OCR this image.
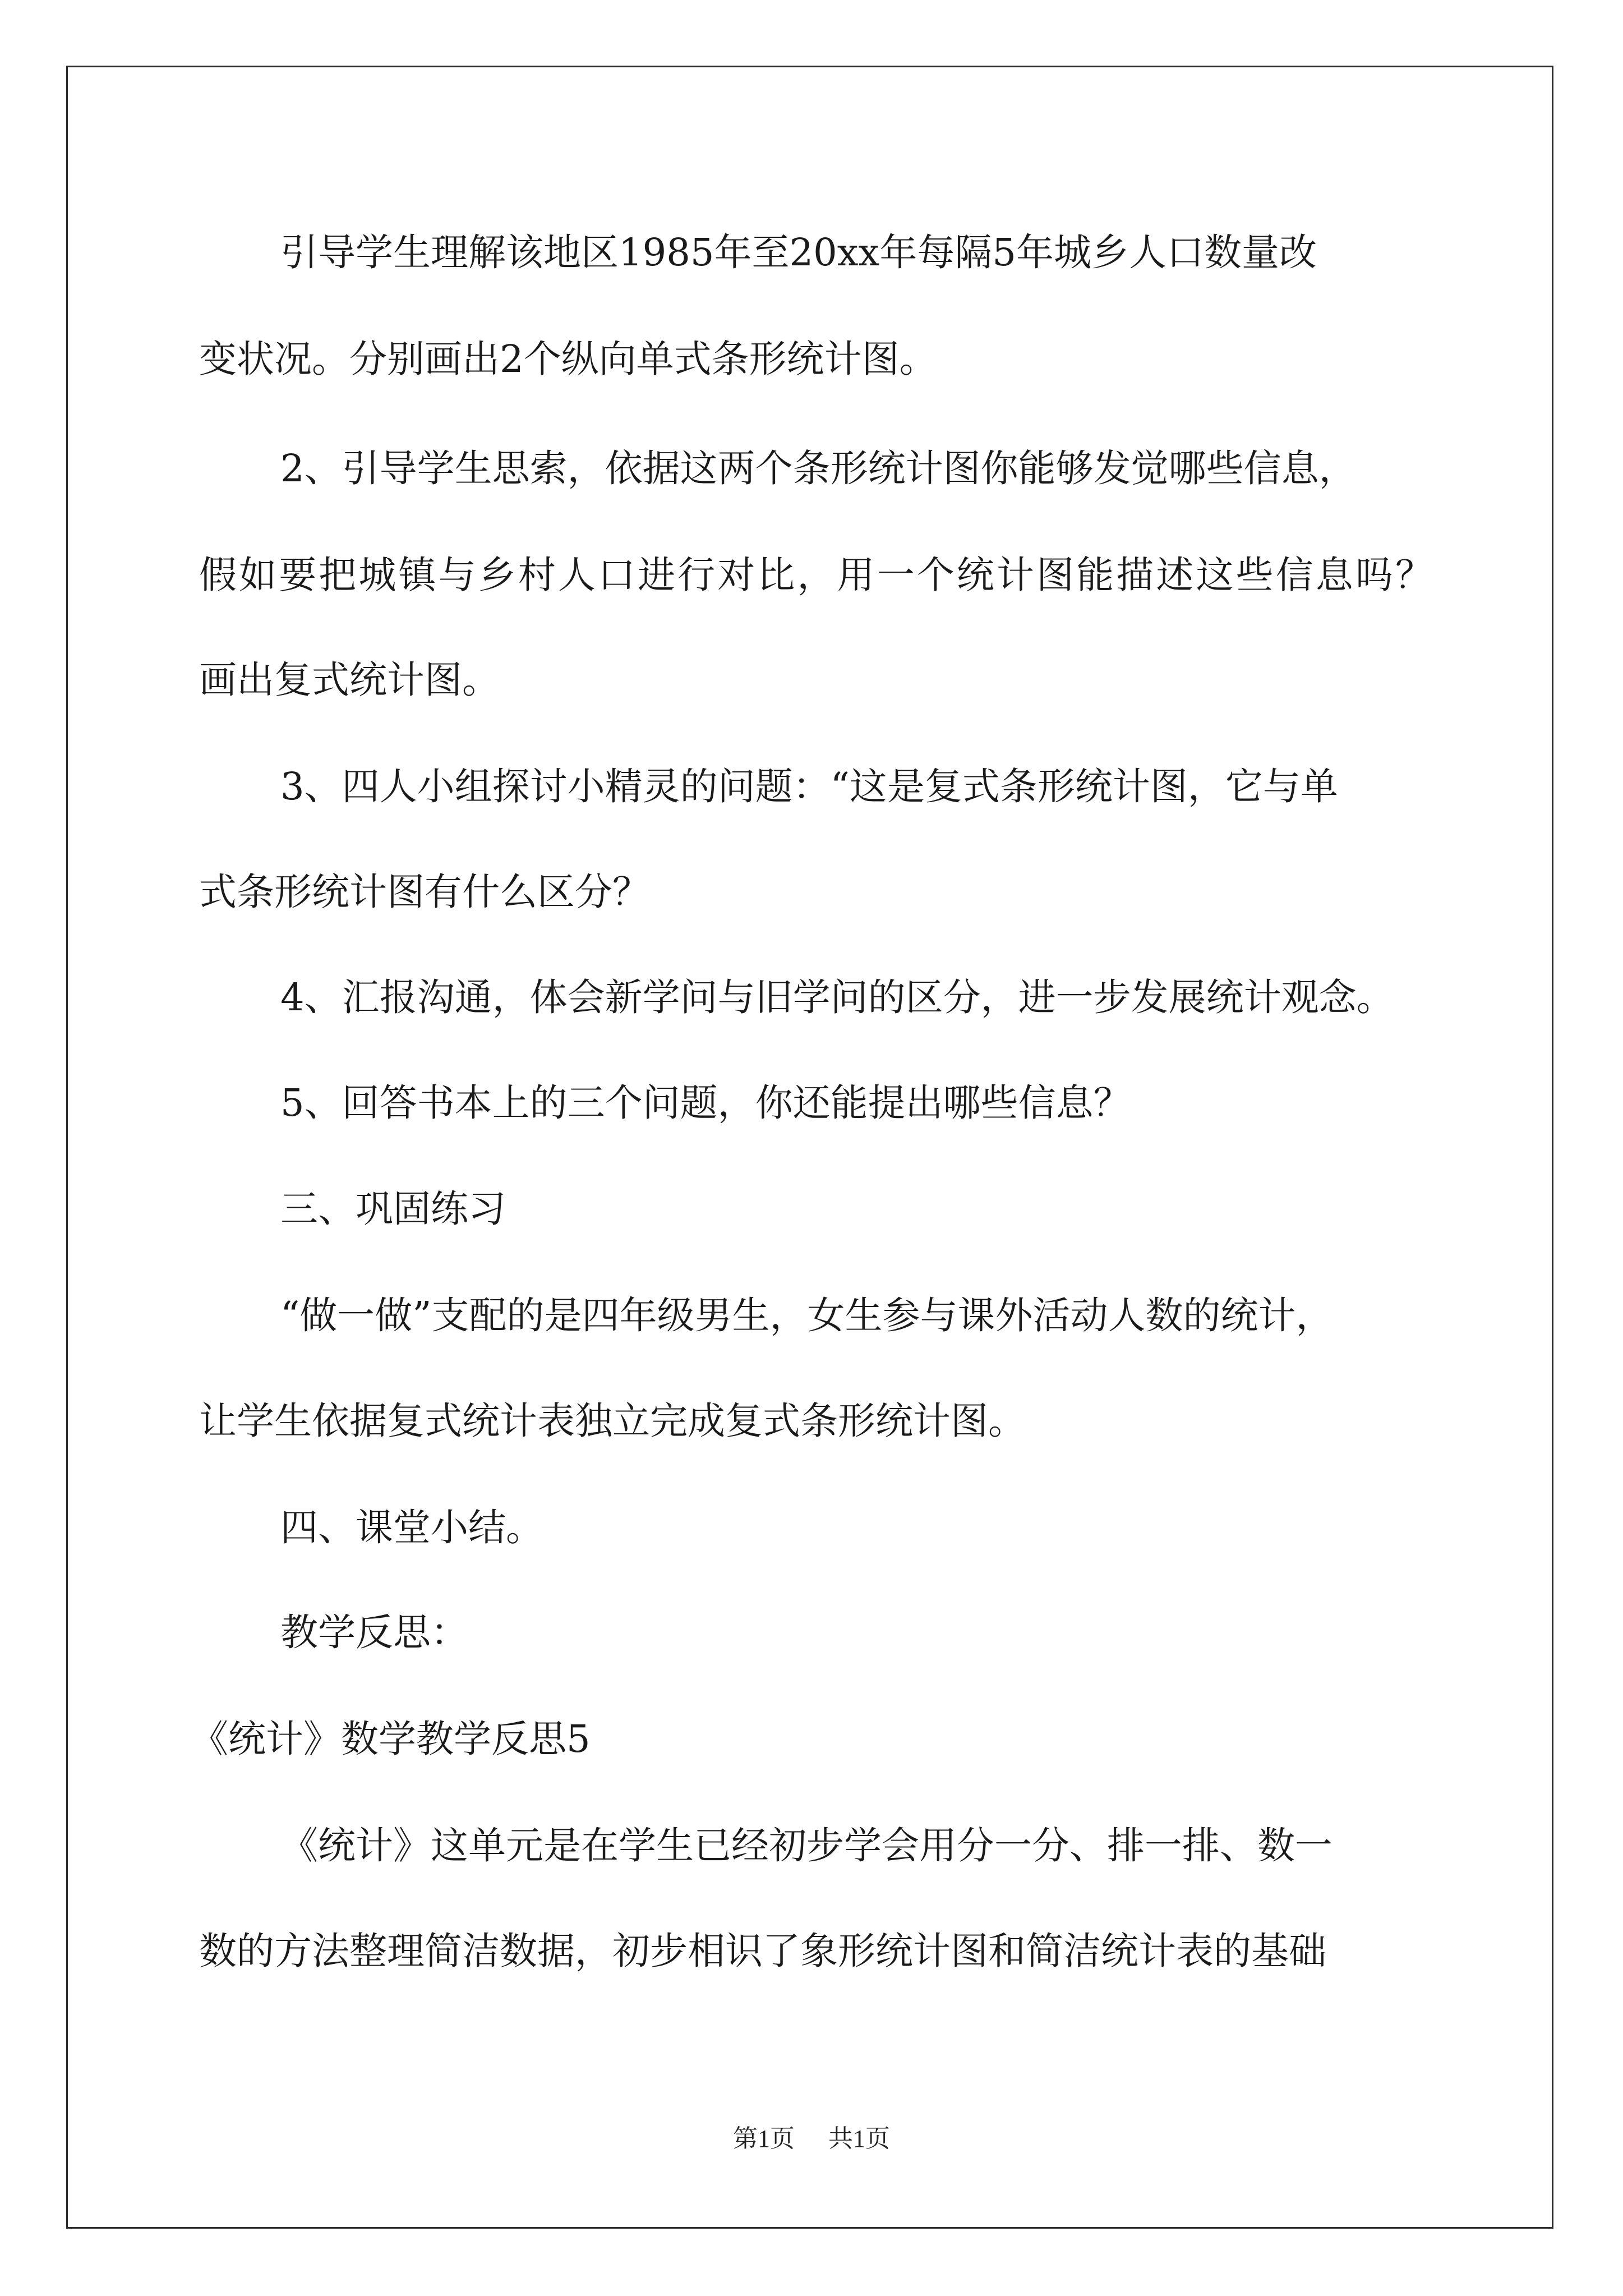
引导学生理解该地区1985年至20xx年每隔5年城乡人口数量改
变状况。分别画出2个纵向单式条形统计图。
2、引导学生思索，依据这两个条形统计图你能够发觉哪些信息，
假如要把城镇与乡村人口进行对比，用一个统计图能描述这些信息吗？
画出复式统计图。
3、四人小组探讨小精灵的问题：“这是复式条形统计图，它与单
式条形统计图有什么区分？
4、汇报沟通，体会新学问与旧学问的区分，进一步发展统计观念。
5、回答书本上的三个问题，你还能提出哪些信息？
三、巩固练习
“做一做”支配的是四年级男生，女生参与课外活动人数的统计，
让学生依据复式统计表独立完成复式条形统计图。
四、课堂小结。
教学反思：
《统计》数学教学反思5
《统计》这单元是在学生已经初步学会用分一分、排一排、数一
数的方法整理简洁数据，初步相识了象形统计图和简洁统计表的基础
第1页 共1页
